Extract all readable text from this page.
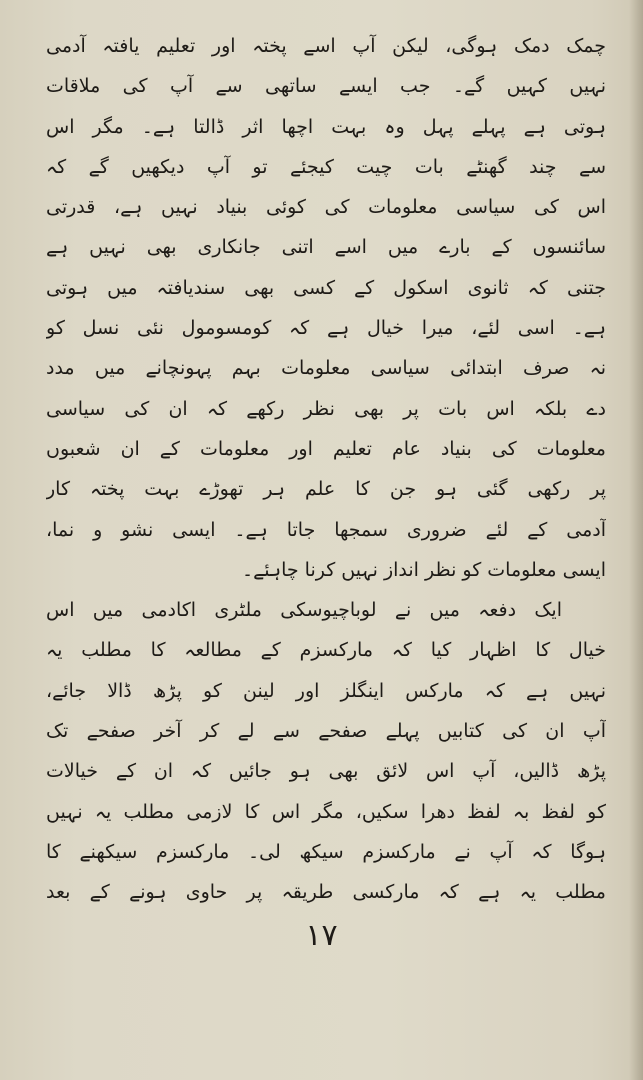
چمک دمک ہوگی، لیکن آپ اسے پختہ اور تعلیم یافتہ آدمی
نہیں کہیں گے۔ جب ایسے ساتھی سے آپ کی ملاقات
ہوتی ہے پہلے پہل وہ بہت اچھا اثر ڈالتا ہے۔ مگر اس
سے چند گھنٹے بات چیت کیجئے تو آپ دیکھیں گے کہ
اس کی سیاسی معلومات کی کوئی بنیاد نہیں ہے، قدرتی
سائنسوں کے بارے میں اسے اتنی جانکاری بھی نہیں ہے
جتنی کہ ثانوی اسکول کے کسی بھی سندیافتہ میں ہوتی
ہے۔ اسی لئے، میرا خیال ہے کہ کومسومول نئی نسل کو
نہ صرف ابتدائی سیاسی معلومات بہم پہونچانے میں مدد
دے بلکہ اس بات پر بھی نظر رکھے کہ ان کی سیاسی
معلومات کی بنیاد عام تعلیم اور معلومات کے ان شعبوں
پر رکھی گئی ہو جن کا علم ہر تھوڑے بہت پختہ کار
آدمی کے لئے ضروری سمجھا جاتا ہے۔ ایسی نشو و نما،
ایسی معلومات کو نظر انداز نہیں کرنا چاہئے۔
ایک دفعہ میں نے لوباچیوسکی ملٹری اکادمی میں اس
خیال کا اظہار کیا کہ مارکسزم کے مطالعہ کا مطلب یہ
نہیں ہے کہ مارکس اینگلز اور لینن کو پڑھ ڈالا جائے،
آپ ان کی کتابیں پہلے صفحے سے لے کر آخر صفحے تک
پڑھ ڈالیں، آپ اس لائق بھی ہو جائیں کہ ان کے خیالات
کو لفظ بہ لفظ دھرا سکیں، مگر اس کا لازمی مطلب یہ نہیں
ہوگا کہ آپ نے مارکسزم سیکھ لی۔ مارکسزم سیکھنے کا
مطلب یہ ہے کہ مارکسی طریقہ پر حاوی ہونے کے بعد
١٧
